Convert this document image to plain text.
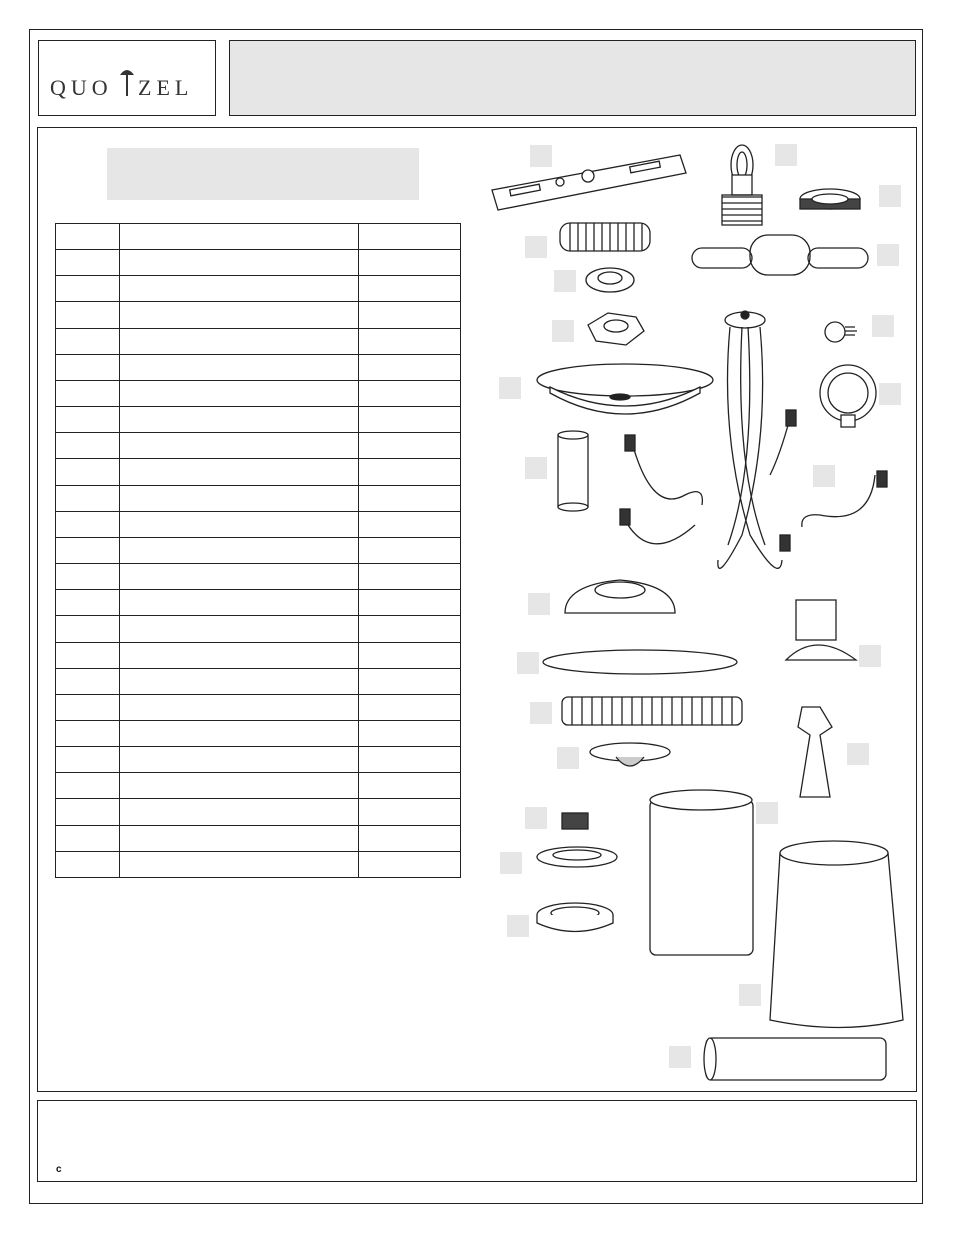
QUO ZEL

c
